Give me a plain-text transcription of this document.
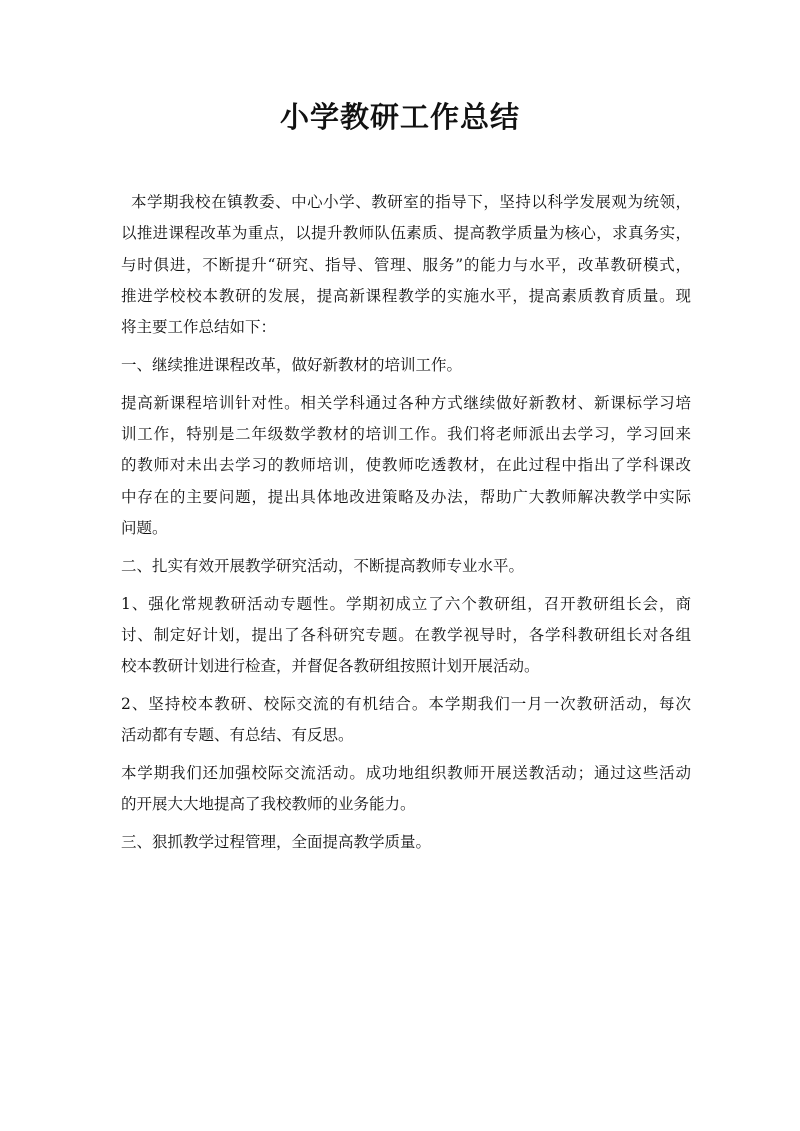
小学教研工作总结
本学期我校在镇教委、中心小学、教研室的指导下，坚持以科学发展观为统领，
以推进课程改革为重点，以提升教师队伍素质、提高教学质量为核心，求真务实，
与时俱进，不断提升“研究、指导、管理、服务”的能力与水平，改革教研模式，
推进学校校本教研的发展，提高新课程教学的实施水平，提高素质教育质量。现
将主要工作总结如下：
一、继续推进课程改革，做好新教材的培训工作。
提高新课程培训针对性。相关学科通过各种方式继续做好新教材、新课标学习培
训工作，特别是二年级数学教材的培训工作。我们将老师派出去学习，学习回来
的教师对未出去学习的教师培训，使教师吃透教材，在此过程中指出了学科课改
中存在的主要问题，提出具体地改进策略及办法，帮助广大教师解决教学中实际
问题。
二、扎实有效开展教学研究活动，不断提高教师专业水平。
1、强化常规教研活动专题性。学期初成立了六个教研组，召开教研组长会，商
讨、制定好计划，提出了各科研究专题。在教学视导时，各学科教研组长对各组
校本教研计划进行检查，并督促各教研组按照计划开展活动。
2、坚持校本教研、校际交流的有机结合。本学期我们一月一次教研活动，每次
活动都有专题、有总结、有反思。
本学期我们还加强校际交流活动。成功地组织教师开展送教活动；通过这些活动
的开展大大地提高了我校教师的业务能力。
三、狠抓教学过程管理，全面提高教学质量。
